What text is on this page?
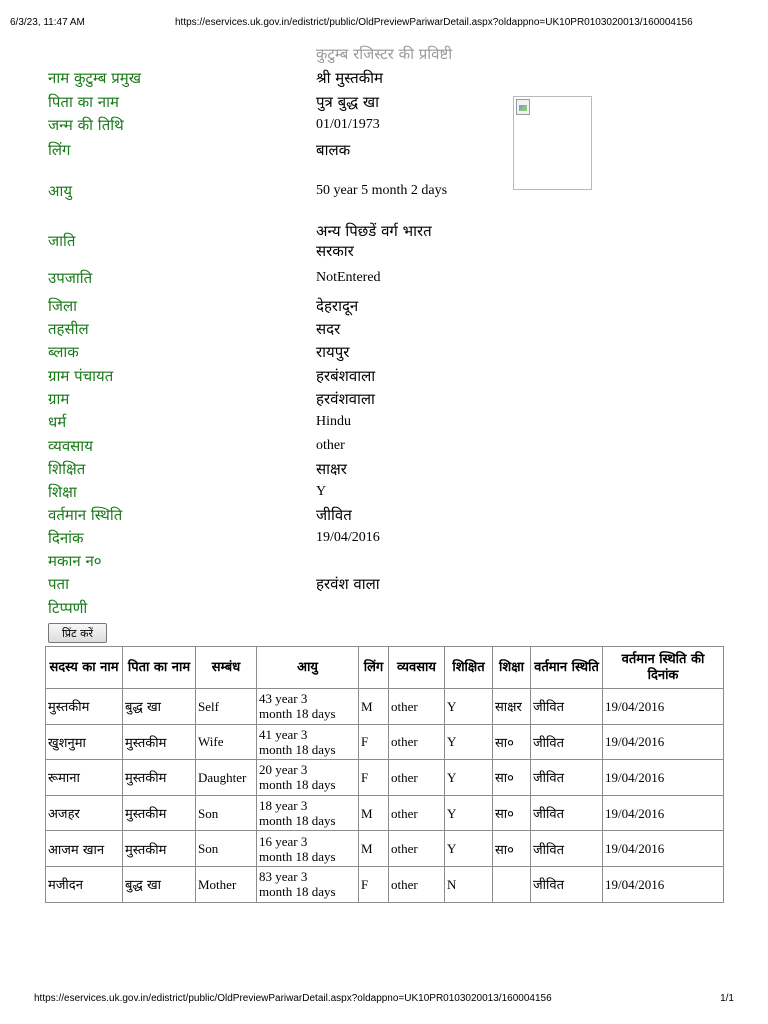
6/3/23, 11:47 AM	https://eservices.uk.gov.in/edistrict/public/OldPreviewPariwarDetail.aspx?oldappno=UK10PR0103020013/160004156
कुटुम्ब रजिस्टर की प्रविष्टी
नाम कुटुम्ब प्रमुख	श्री मुस्तकीम
पिता का नाम	पुत्र बुद्ध खा
जन्म की तिथि	01/01/1973
लिंग	बालक
आयु	50 year 5 month 2 days
जाति
अन्य पिछडें वर्ग भारत
सरकार
उपजाति	NotEntered
जिला	देहरादून
तहसील	सदर
ब्लाक	रायपुर
ग्राम पंचायत	हरबंशवाला
ग्राम	हरवंशवाला
धर्म	Hindu
व्यवसाय	other
शिक्षित	साक्षर
शिक्षा	Y
वर्तमान स्थिति	जीवित
दिनांक	19/04/2016
मकान न०
पता	हरवंश वाला
टिप्पणी
प्रिंट करें
सदस्य का नाम	पिता का नाम	सम्बंध	आयु	लिंग	व्यवसाय	शिक्षित	शिक्षा	वर्तमान स्थिति	वर्तमान स्थिति की दिनांक
मुस्तकीम	बुद्ध खा	Self	43 year 3
month 18 days	M	other	Y	साक्षर	जीवित	19/04/2016
खुशनुमा	मुस्तकीम	Wife	41 year 3
month 18 days	F	other	Y	सा०	जीवित	19/04/2016
रूमाना	मुस्तकीम	Daughter	20 year 3
month 18 days	F	other	Y	सा०	जीवित	19/04/2016
अजहर	मुस्तकीम	Son	18 year 3
month 18 days	M	other	Y	सा०	जीवित	19/04/2016
आजम खान	मुस्तकीम	Son	16 year 3
month 18 days	M	other	Y	सा०	जीवित	19/04/2016
मजीदन	बुद्ध खा	Mother	83 year 3
month 18 days	F	other	N		जीवित	19/04/2016
https://eservices.uk.gov.in/edistrict/public/OldPreviewPariwarDetail.aspx?oldappno=UK10PR0103020013/160004156	1/1
